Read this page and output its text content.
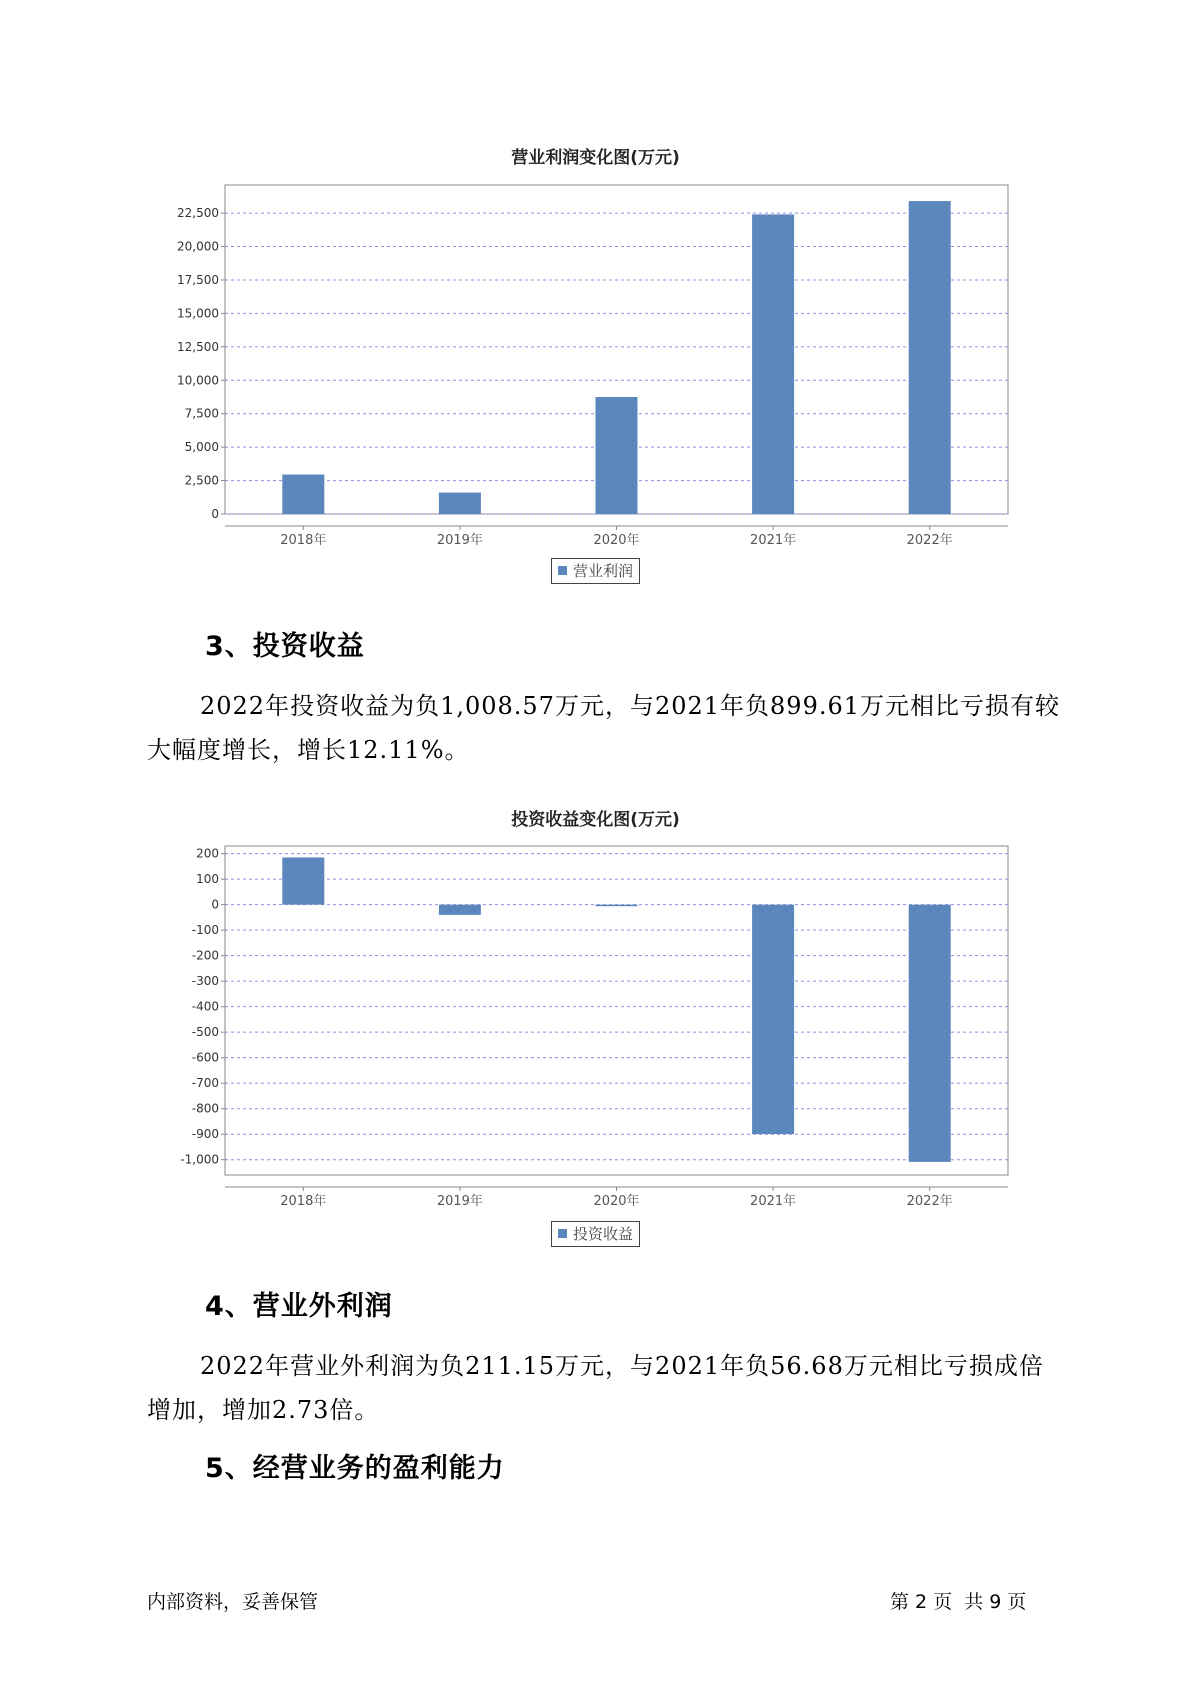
营业利润变化图(万元)
0
2,500
5,000
7,500
10,000
12,500
15,000
17,500
20,000
22,500
2018年	2019年	2020年	2021年	2022年
营业利润
3、投资收益

2022年投资收益为负1,008.57万元，与2021年负899.61万元相比亏损有较大幅度增长，增长12.11%。

投资收益变化图(万元)
200
100
0
-100
-200
-300
-400
-500
-600
-700
-800
-900
-1,000
2018年	2019年	2020年	2021年	2022年
投资收益
4、营业外利润

2022年营业外利润为负211.15万元，与2021年负56.68万元相比亏损成倍增加，增加2.73倍。

5、经营业务的盈利能力
内部资料，妥善保管	第 2 页  共 9 页
